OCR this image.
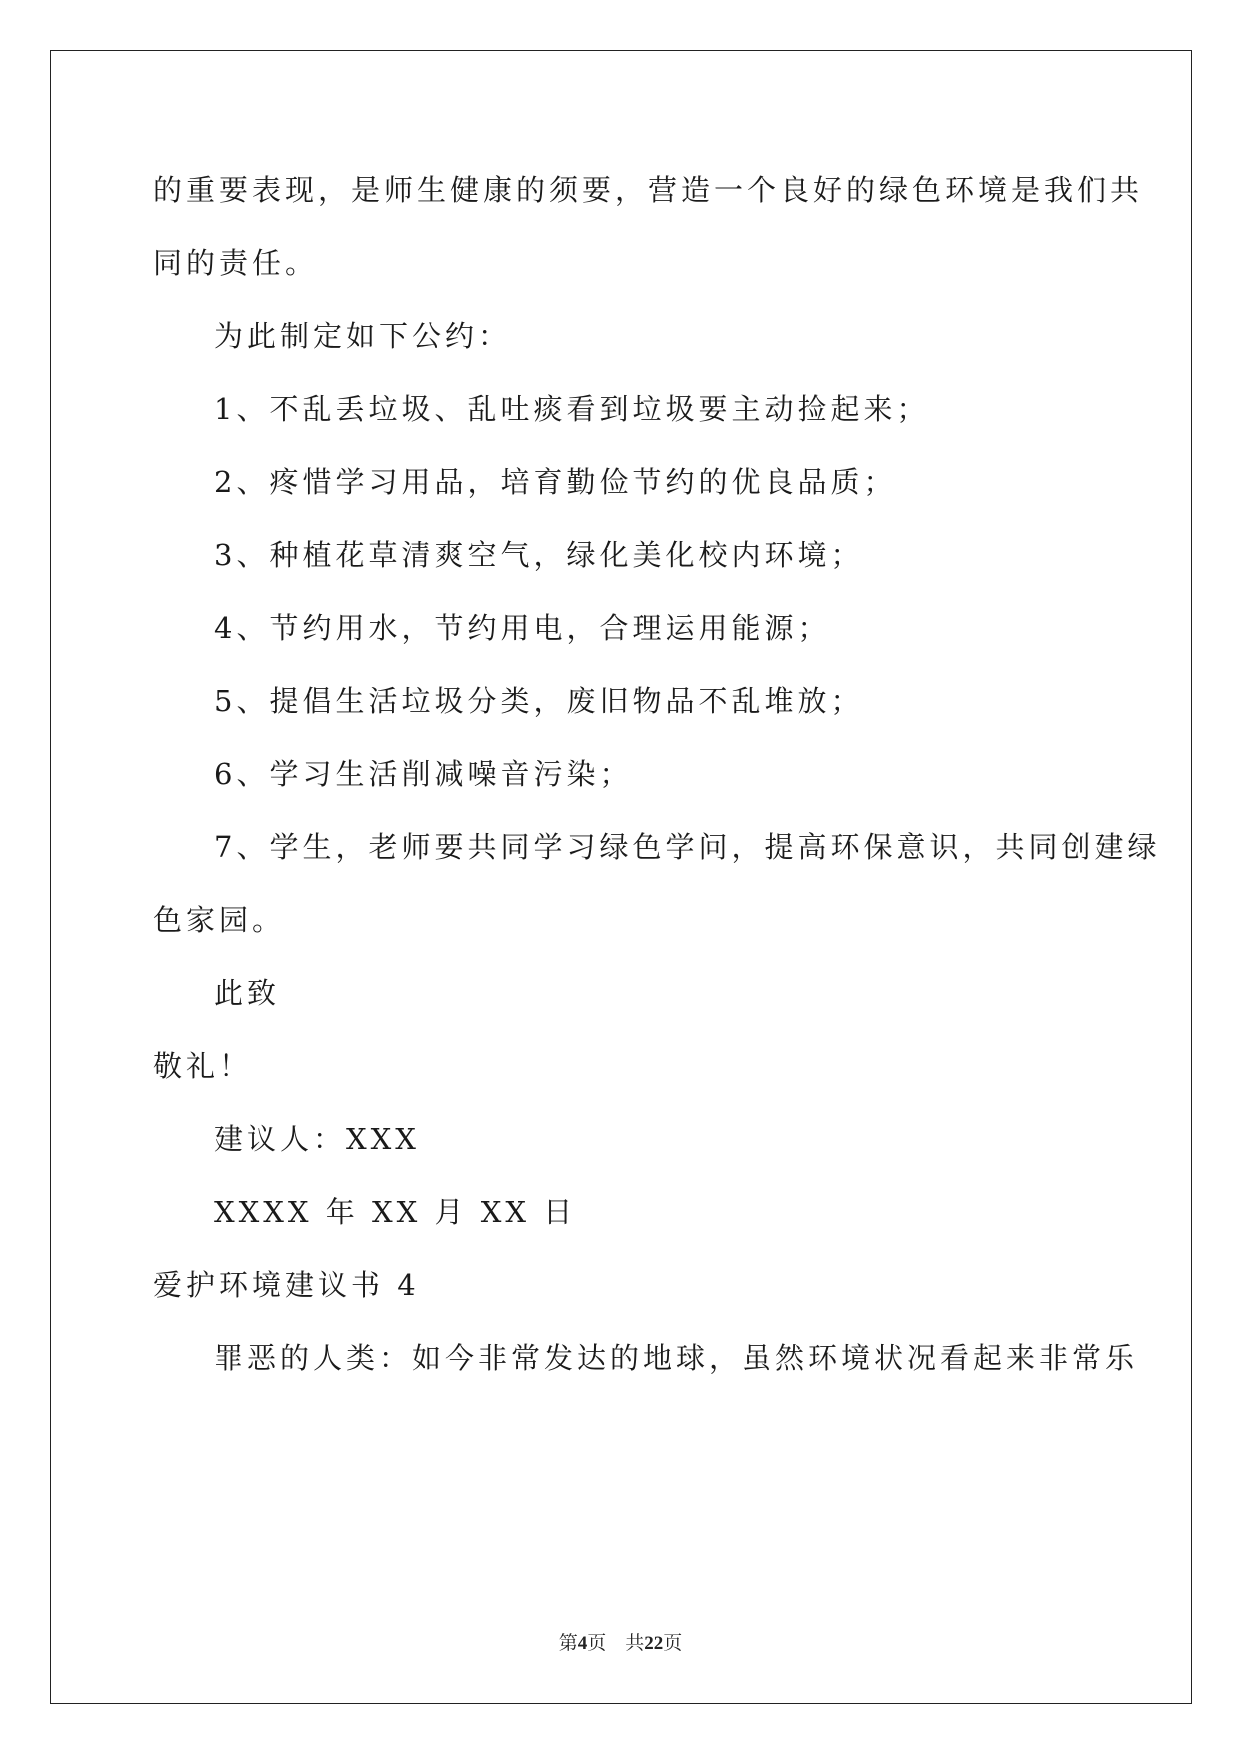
的重要表现，是师生健康的须要，营造一个良好的绿色环境是我们共
同的责任。
为此制定如下公约：
1、不乱丢垃圾、乱吐痰看到垃圾要主动捡起来；
2、疼惜学习用品，培育勤俭节约的优良品质；
3、种植花草清爽空气，绿化美化校内环境；
4、节约用水，节约用电，合理运用能源；
5、提倡生活垃圾分类，废旧物品不乱堆放；
6、学习生活削减噪音污染；
7、学生，老师要共同学习绿色学问，提高环保意识，共同创建绿
色家园。
此致
敬礼！
建议人：XXX
XXXX 年 XX 月 XX 日
爱护环境建议书 4
罪恶的人类：如今非常发达的地球，虽然环境状况看起来非常乐
第4页　共22页
